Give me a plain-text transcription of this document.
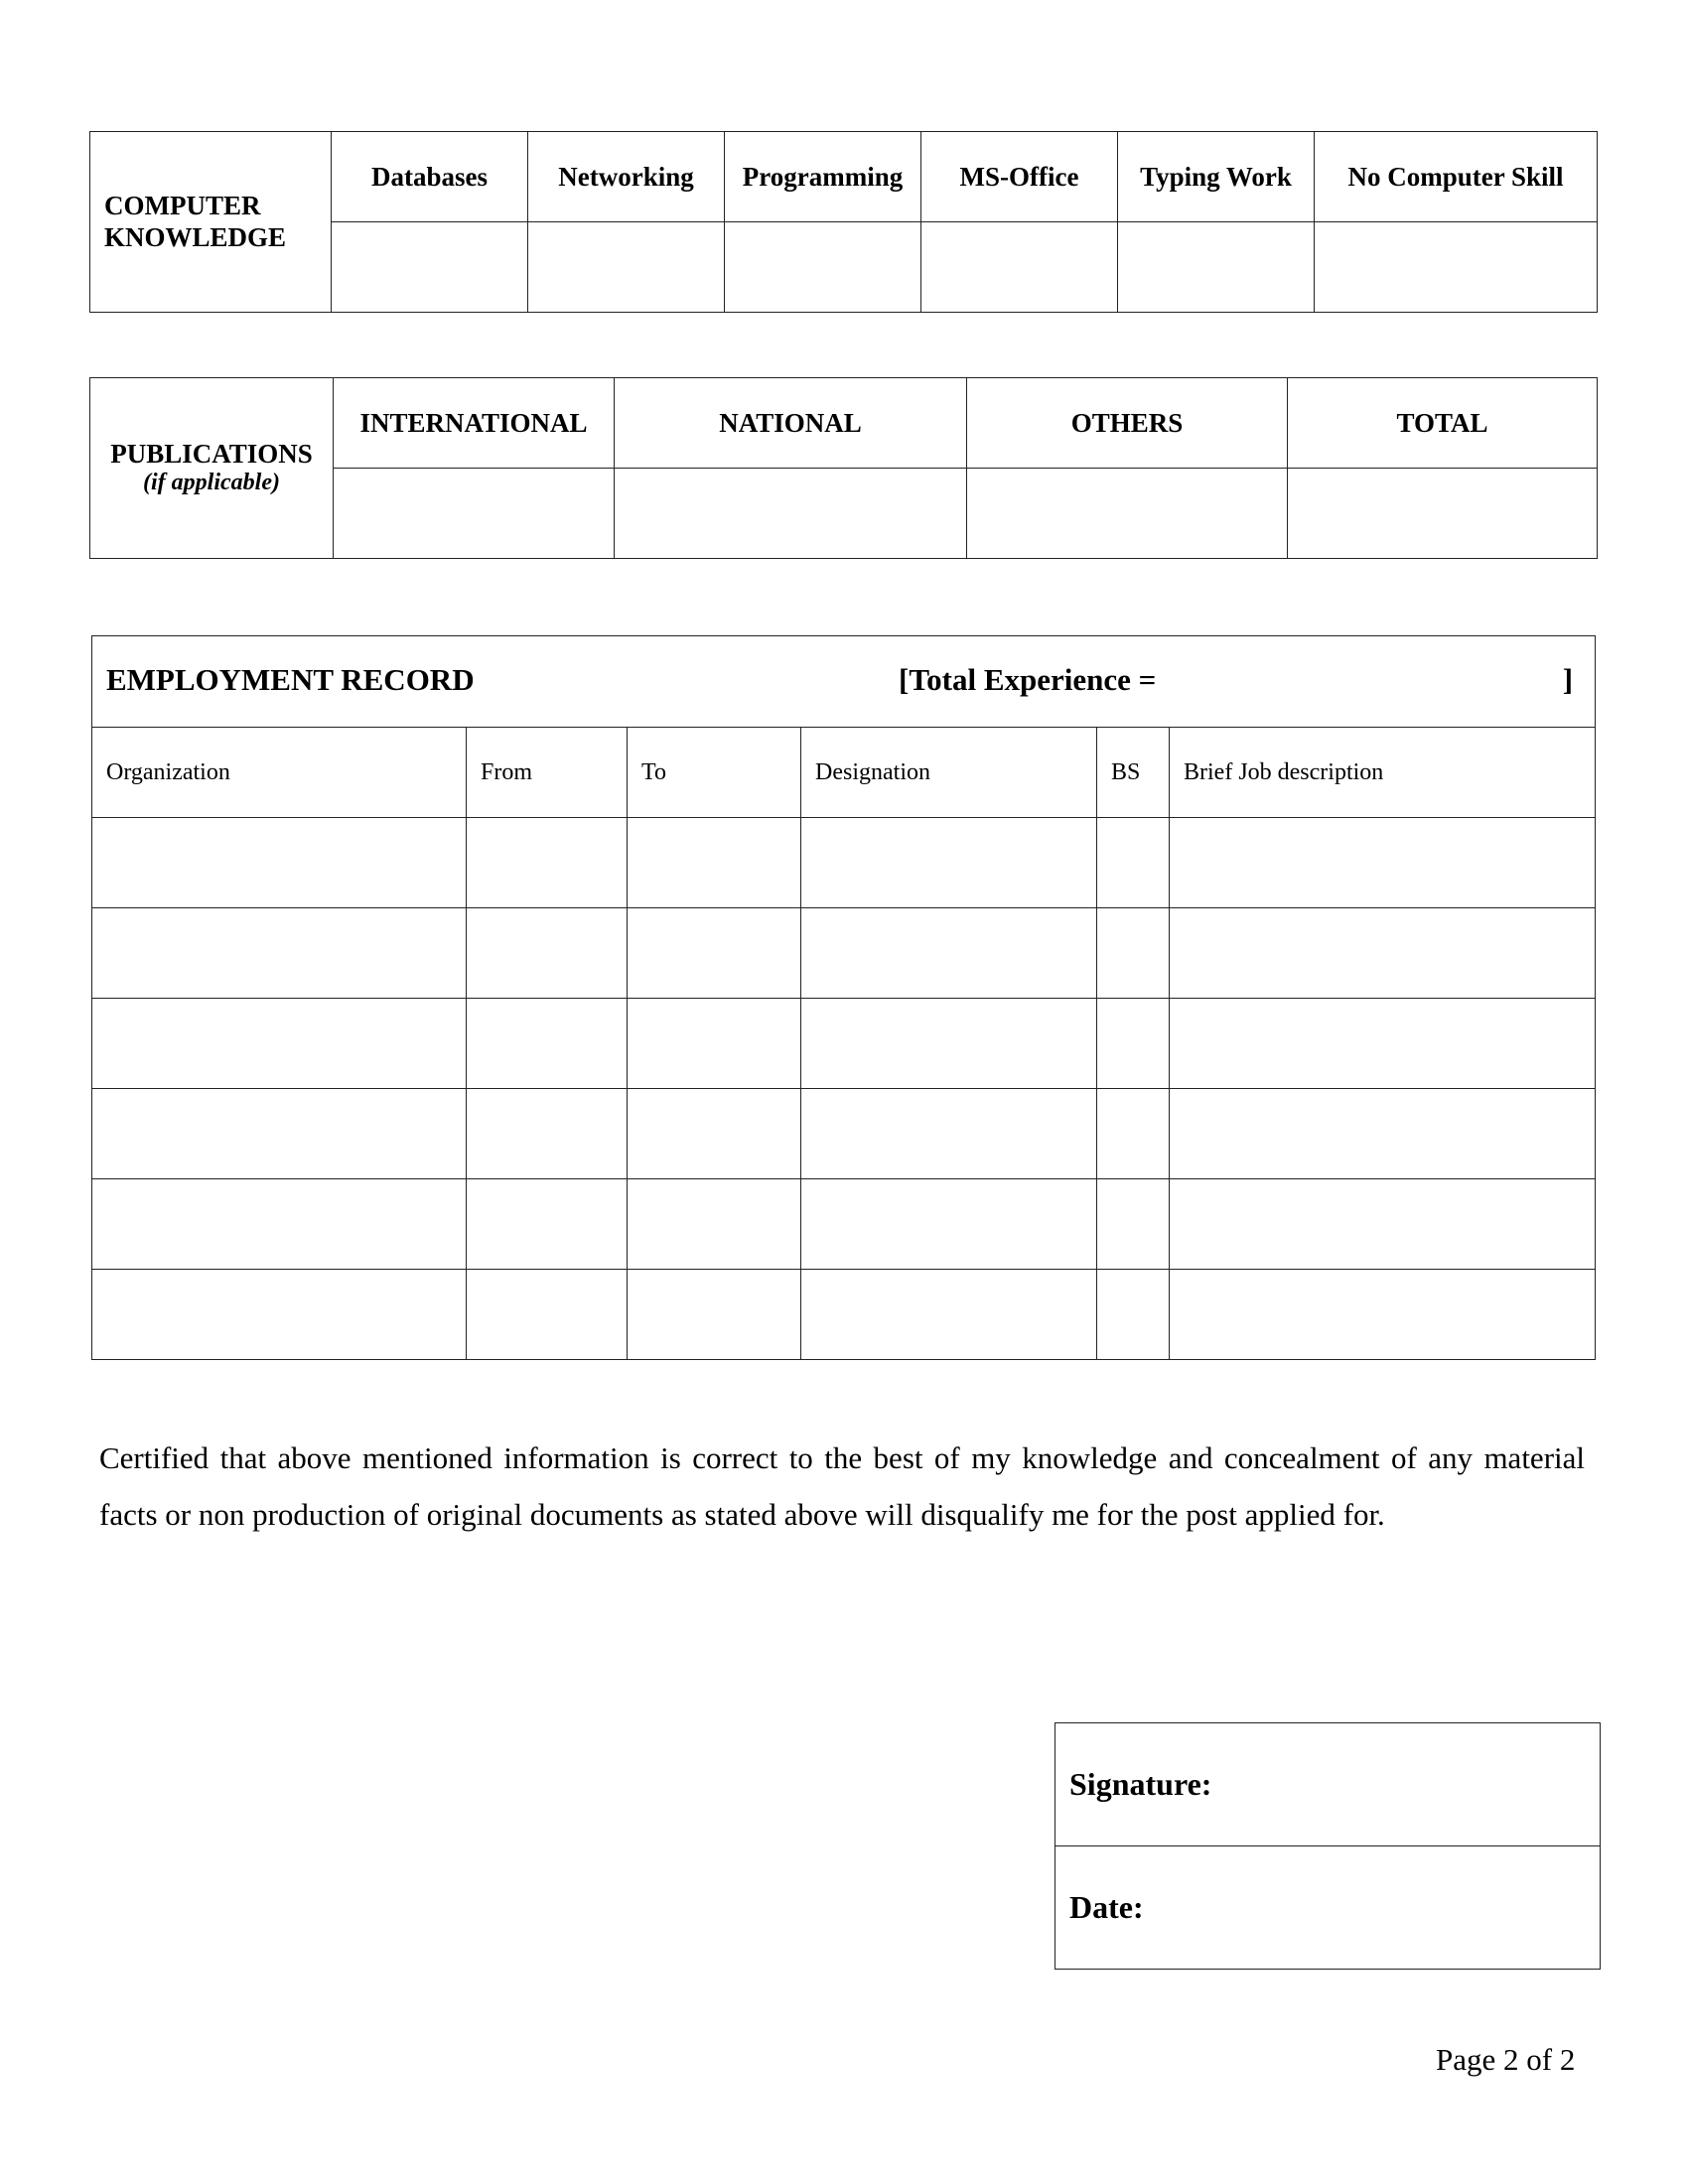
COMPUTER
KNOWLEDGE	Databases	Networking	Programming	MS-Office	Typing Work	No Computer Skill

PUBLICATIONS
(if applicable)	INTERNATIONAL	NATIONAL	OTHERS	TOTAL

EMPLOYMENT RECORD [Total Experience = ]					

Organization	From	To	Designation	BS	Brief Job description

Certified that above mentioned information is correct to the best of my knowledge and concealment of any material facts or non production of original documents as stated above will disqualify me for the post applied for.
Signature:
Date:
Page 2 of 2
